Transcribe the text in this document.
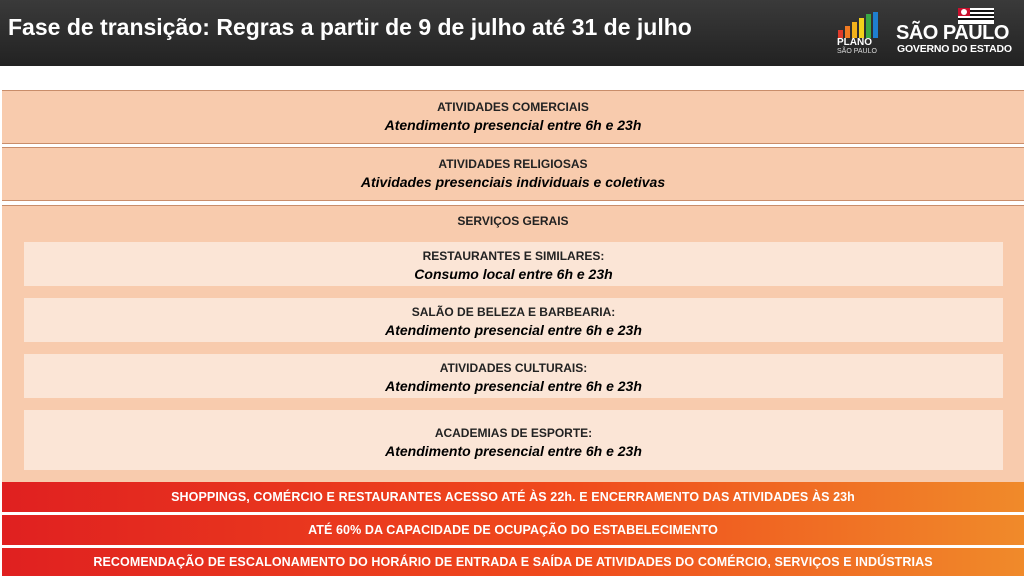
Fase de transição: Regras a partir de 9 de julho até 31 de julho
PLANO
SÃO PAULO
SÃO PAULO
GOVERNO DO ESTADO
ATIVIDADES COMERCIAIS
Atendimento presencial entre 6h e 23h
ATIVIDADES RELIGIOSAS
Atividades presenciais individuais e coletivas
SERVIÇOS GERAIS
RESTAURANTES E SIMILARES:
Consumo local entre 6h e 23h
SALÃO DE BELEZA E BARBEARIA:
Atendimento presencial entre 6h e 23h
ATIVIDADES CULTURAIS:
Atendimento presencial entre 6h e 23h
ACADEMIAS DE ESPORTE:
Atendimento presencial entre 6h e 23h
SHOPPINGS, COMÉRCIO E RESTAURANTES ACESSO ATÉ ÀS 22h. E ENCERRAMENTO DAS ATIVIDADES ÀS 23h
ATÉ 60% DA CAPACIDADE DE OCUPAÇÃO DO ESTABELECIMENTO
RECOMENDAÇÃO DE ESCALONAMENTO DO HORÁRIO DE ENTRADA E SAÍDA DE ATIVIDADES DO COMÉRCIO, SERVIÇOS E INDÚSTRIAS
